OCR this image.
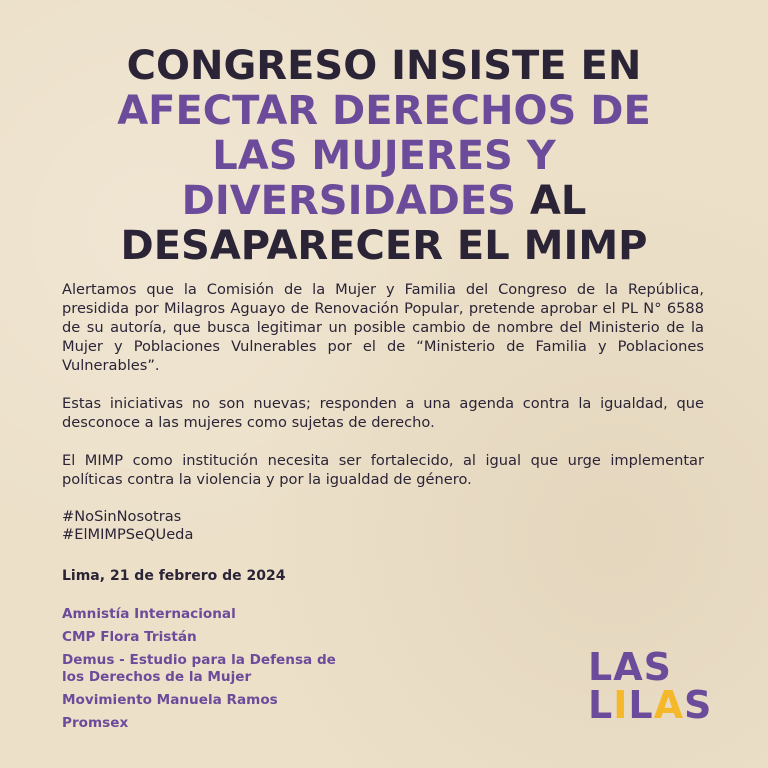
CONGRESO INSISTE EN
AFECTAR DERECHOS DE
LAS MUJERES Y
DIVERSIDADES AL
DESAPARECER EL MIMP

Alertamos que la Comisión de la Mujer y Familia del Congreso de la República, presidida por Milagros Aguayo de Renovación Popular, pretende aprobar el PL N° 6588 de su autoría, que busca legitimar un posible cambio de nombre del Ministerio de la Mujer y Poblaciones Vulnerables por el de “Ministerio de Familia y Poblaciones Vulnerables”.

Estas iniciativas no son nuevas; responden a una agenda contra la igualdad, que desconoce a las mujeres como sujetas de derecho.

El MIMP como institución necesita ser fortalecido, al igual que urge implementar políticas contra la violencia y por la igualdad de género.

#NoSinNosotras
#ElMIMPSeQUeda
Lima, 21 de febrero de 2024
Amnistía Internacional
CMP Flora Tristán
Demus - Estudio para la Defensa de los Derechos de la Mujer
Movimiento Manuela Ramos
Promsex
LAS
LILAS
